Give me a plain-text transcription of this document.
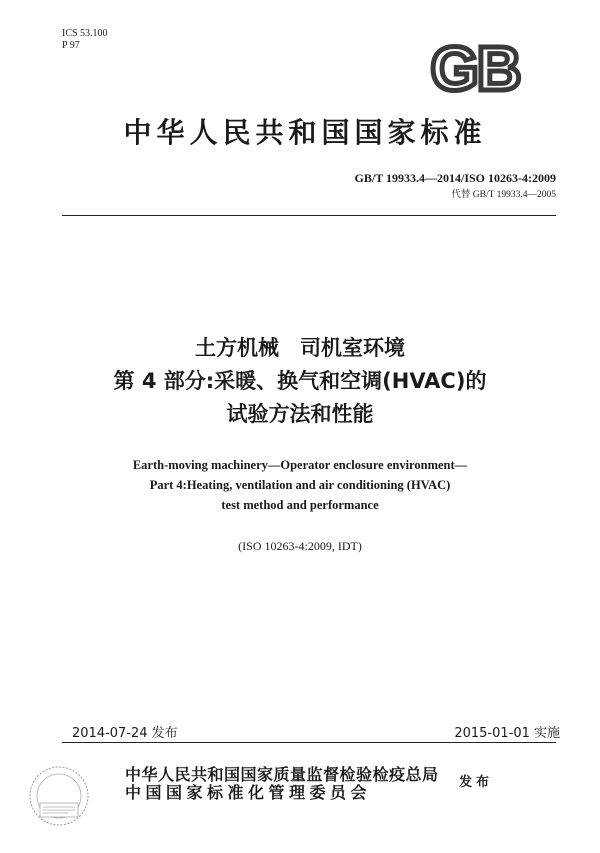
ICS 53.100
P 97	GB
中华人民共和国国家标准
GB/T 19933.4—2014/ISO 10263-4:2009
代替 GB/T 19933.4—2005
土方机械　司机室环境
第 4 部分:采暖、换气和空调(HVAC)的
试验方法和性能
Earth-moving machinery—Operator enclosure environment—
Part 4:Heating, ventilation and air conditioning (HVAC)
test method and performance
(ISO 10263-4:2009, IDT)
2014-07-24 发布	2015-01-01 实施
中华人民共和国国家质量监督检验检疫总局
中国国家标准化管理委员会
发布
